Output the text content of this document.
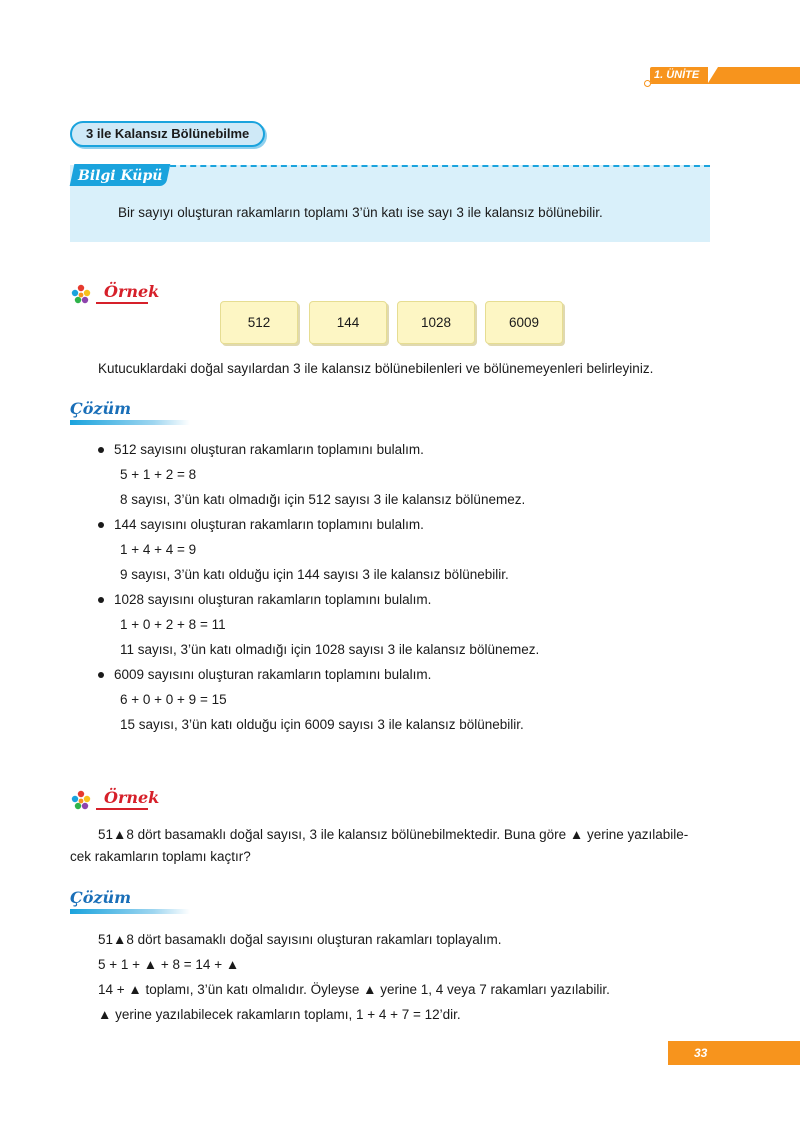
1. ÜNİTE
3 ile Kalansız Bölünebilme
Bilgi Küpü
Bir sayıyı oluşturan rakamların toplamı 3’ün katı ise sayı 3 ile kalansız bölünebilir.
Örnek
512	144	1028	6009
Kutucuklardaki doğal sayılardan 3 ile kalansız bölünebilenleri ve bölünemeyenleri belirleyiniz.
Çözüm
512 sayısını oluşturan rakamların toplamını bulalım.
5 + 1 + 2 = 8
8 sayısı, 3’ün katı olmadığı için 512 sayısı 3 ile kalansız bölünemez.
144 sayısını oluşturan rakamların toplamını bulalım.
1 + 4 + 4 = 9
9 sayısı, 3’ün katı olduğu için 144 sayısı 3 ile kalansız bölünebilir.
1028 sayısını oluşturan rakamların toplamını bulalım.
1 + 0 + 2 + 8 = 11
11 sayısı, 3’ün katı olmadığı için 1028 sayısı 3 ile kalansız bölünemez.
6009 sayısını oluşturan rakamların toplamını bulalım.
6 + 0 + 0 + 9 = 15
15 sayısı, 3’ün katı olduğu için 6009 sayısı 3 ile kalansız bölünebilir.
Örnek
51▲8 dört basamaklı doğal sayısı, 3 ile kalansız bölünebilmektedir. Buna göre ▲ yerine yazılabile-
cek rakamların toplamı kaçtır?
Çözüm
51▲8 dört basamaklı doğal sayısını oluşturan rakamları toplayalım.
5 + 1 + ▲ + 8 = 14 + ▲
14 + ▲ toplamı, 3’ün katı olmalıdır. Öyleyse ▲ yerine 1, 4 veya 7 rakamları yazılabilir.
▲ yerine yazılabilecek rakamların toplamı, 1 + 4 + 7 = 12’dir.
33
